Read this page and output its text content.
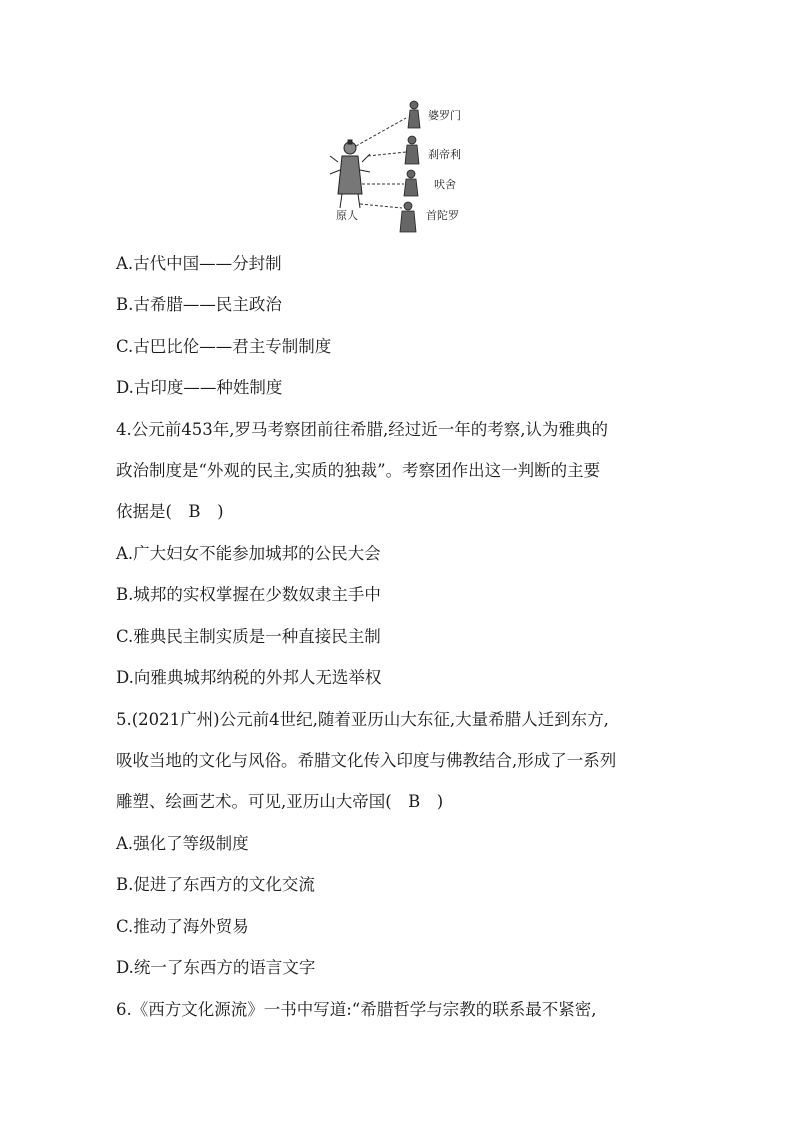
婆罗门
刹帝利
吠舍
首陀罗
原人
A.古代中国——分封制
B.古希腊——民主政治
C.古巴比伦——君主专制制度
D.古印度——种姓制度
4.公元前453年,罗马考察团前往希腊,经过近一年的考察,认为雅典的
政治制度是“外观的民主,实质的独裁”。考察团作出这一判断的主要
依据是(　B　)
A.广大妇女不能参加城邦的公民大会
B.城邦的实权掌握在少数奴隶主手中
C.雅典民主制实质是一种直接民主制
D.向雅典城邦纳税的外邦人无选举权
5.(2021广州)公元前4世纪,随着亚历山大东征,大量希腊人迁到东方,
吸收当地的文化与风俗。希腊文化传入印度与佛教结合,形成了一系列
雕塑、绘画艺术。可见,亚历山大帝国(　B　)
A.强化了等级制度
B.促进了东西方的文化交流
C.推动了海外贸易
D.统一了东西方的语言文字
6.《西方文化源流》一书中写道:“希腊哲学与宗教的联系最不紧密,
